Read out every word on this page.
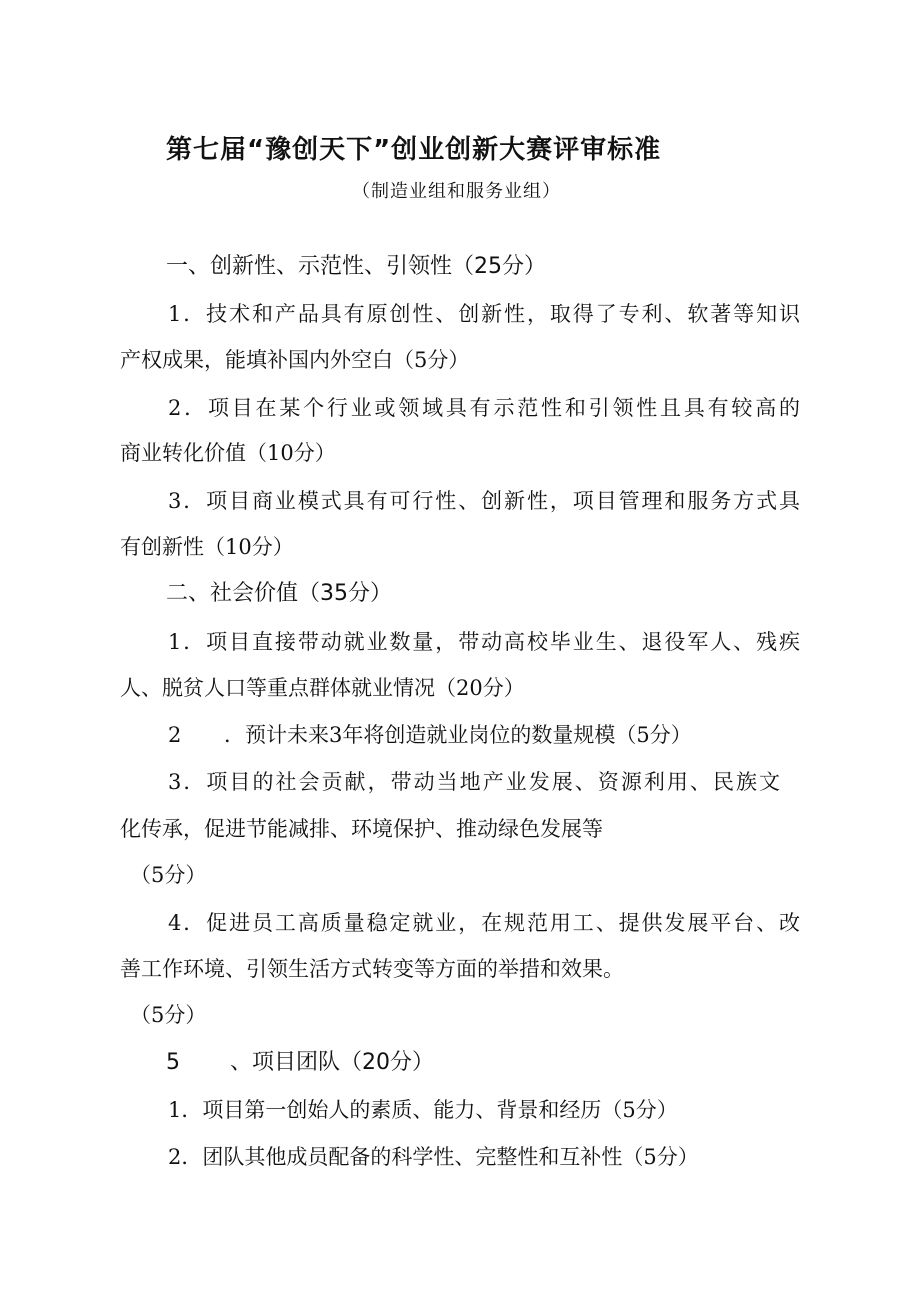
第七届“豫创天下”创业创新大赛评审标准
（制造业组和服务业组）
一、创新性、示范性、引领性（25分）
1．技术和产品具有原创性、创新性，取得了专利、软著等知识
产权成果，能填补国内外空白（5分）
2．项目在某个行业或领域具有示范性和引领性且具有较高的
商业转化价值（10分）
3．项目商业模式具有可行性、创新性，项目管理和服务方式具
有创新性（10分）
二、社会价值（35分）
1．项目直接带动就业数量，带动高校毕业生、退役军人、残疾
人、脱贫人口等重点群体就业情况（20分）
2 ．预计未来3年将创造就业岗位的数量规模（5分）
3．项目的社会贡献，带动当地产业发展、资源利用、民族文
化传承，促进节能减排、环境保护、推动绿色发展等
（5分）
4．促进员工高质量稳定就业，在规范用工、提供发展平台、改
善工作环境、引领生活方式转变等方面的举措和效果。
（5分）
5 、项目团队（20分）
1．项目第一创始人的素质、能力、背景和经历（5分）
2．团队其他成员配备的科学性、完整性和互补性（5分）
